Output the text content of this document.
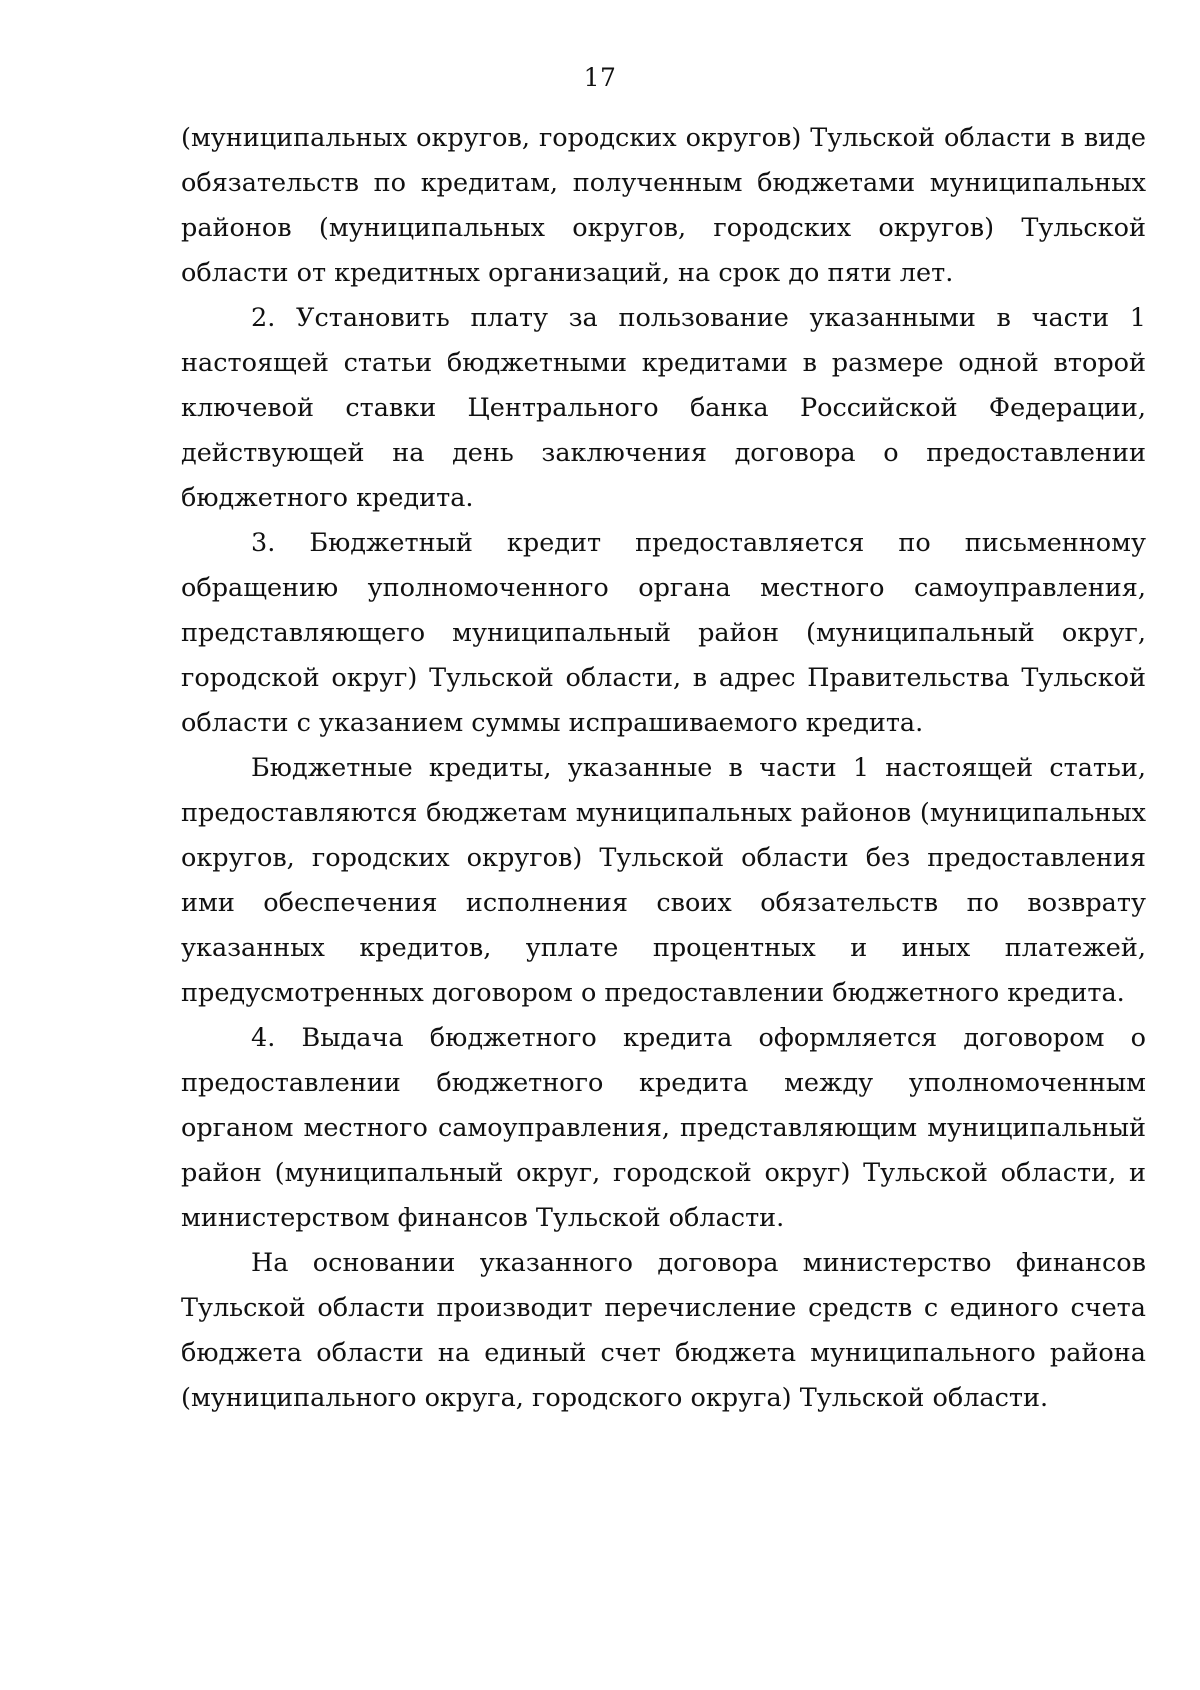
17

(муниципальных округов, городских округов) Тульской области в виде обязательств по кредитам, полученным бюджетами муниципальных районов (муниципальных округов, городских округов) Тульской области от кредитных организаций, на срок до пяти лет.

2. Установить плату за пользование указанными в части 1 настоящей статьи бюджетными кредитами в размере одной второй ключевой ставки Центрального банка Российской Федерации, действующей на день заключения договора о предоставлении бюджетного кредита.

3. Бюджетный кредит предоставляется по письменному обращению уполномоченного органа местного самоуправления, представляющего муниципальный район (муниципальный округ, городской округ) Тульской области, в адрес Правительства Тульской области с указанием суммы испрашиваемого кредита.

Бюджетные кредиты, указанные в части 1 настоящей статьи, предоставляются бюджетам муниципальных районов (муниципальных округов, городских округов) Тульской области без предоставления ими обеспечения исполнения своих обязательств по возврату указанных кредитов, уплате процентных и иных платежей, предусмотренных договором о предоставлении бюджетного кредита.

4. Выдача бюджетного кредита оформляется договором о предоставлении бюджетного кредита между уполномоченным органом местного самоуправления, представляющим муниципальный район (муниципальный округ, городской округ) Тульской области, и министерством финансов Тульской области.

На основании указанного договора министерство финансов Тульской области производит перечисление средств с единого счета бюджета области на единый счет бюджета муниципального района (муниципального округа, городского округа) Тульской области.
